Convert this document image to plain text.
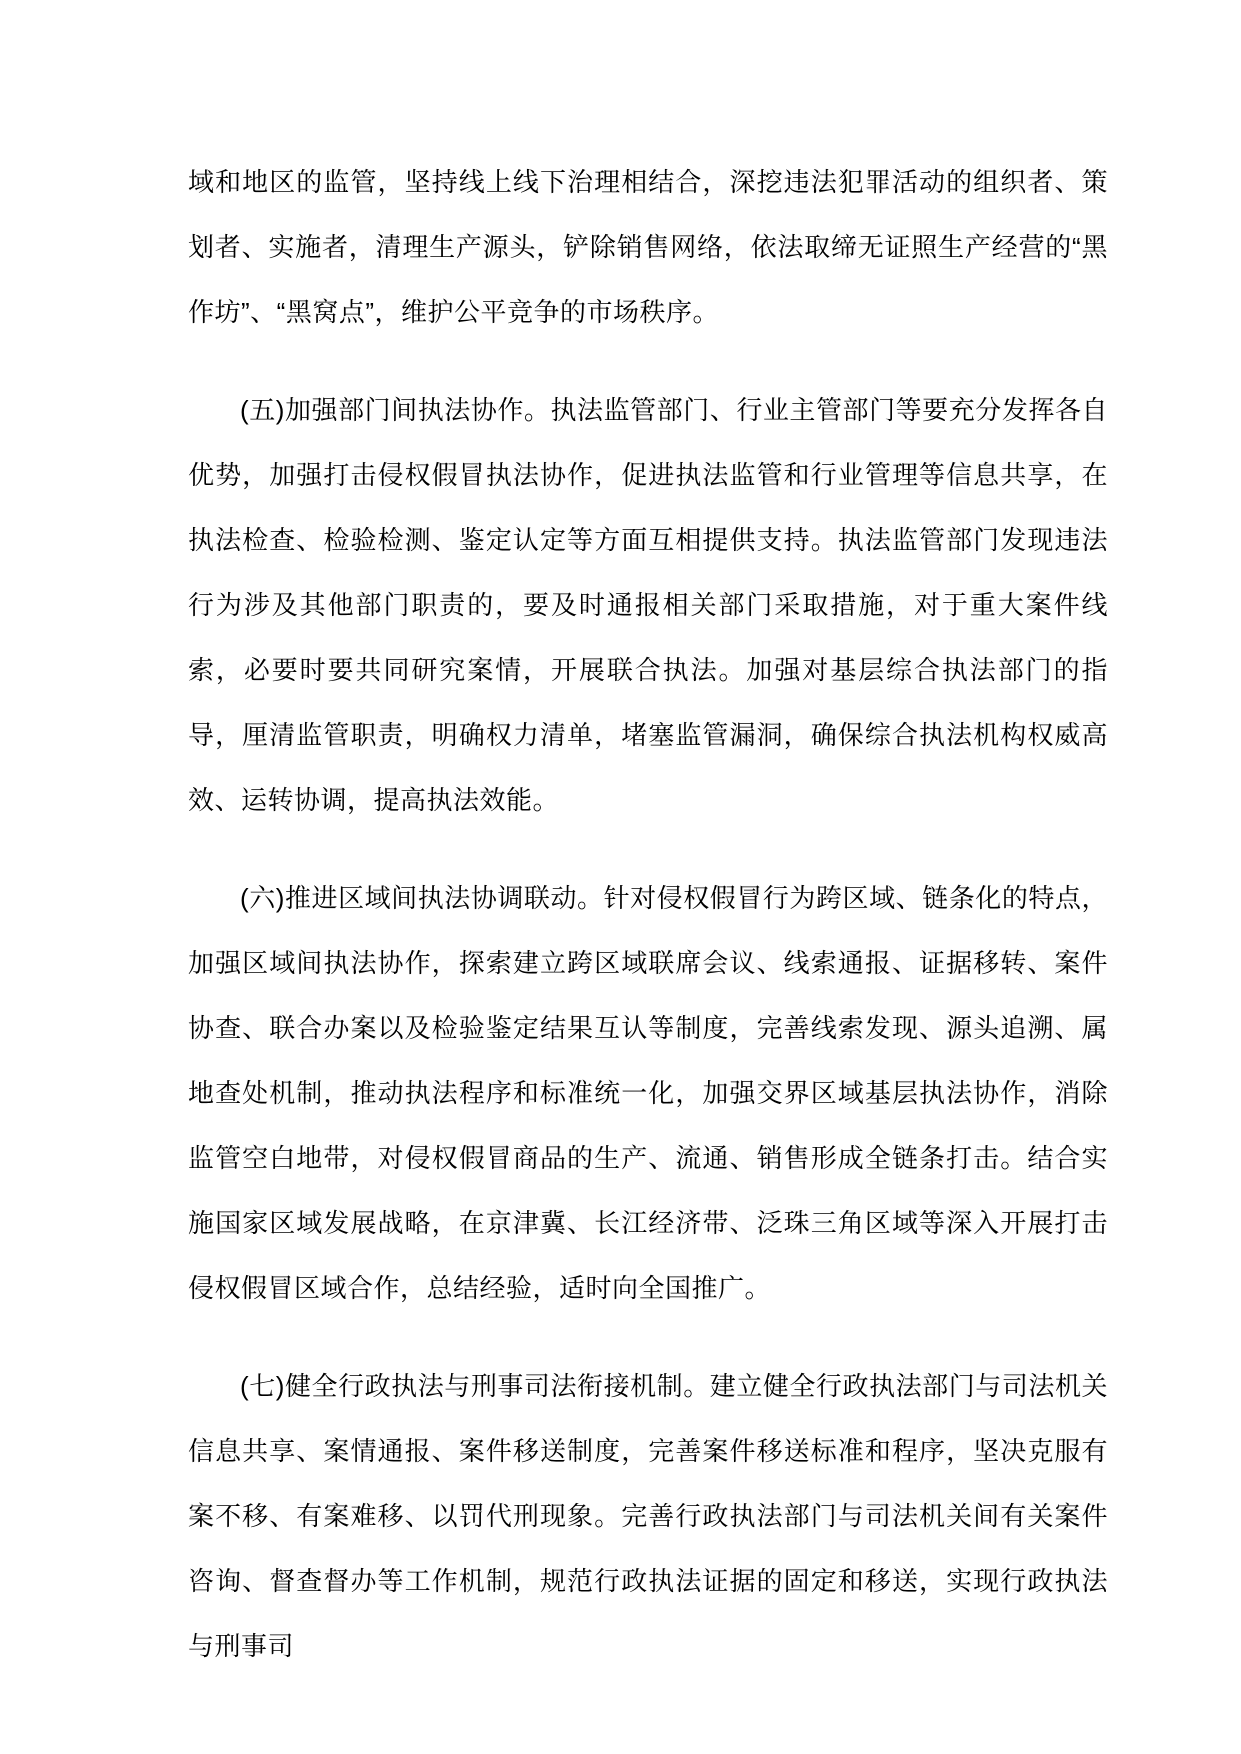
域和地区的监管，坚持线上线下治理相结合，深挖违法犯罪活动的组织者、策划者、实施者，清理生产源头，铲除销售网络，依法取缔无证照生产经营的“黑作坊”、“黑窝点”，维护公平竞争的市场秩序。

(五)加强部门间执法协作。执法监管部门、行业主管部门等要充分发挥各自优势，加强打击侵权假冒执法协作，促进执法监管和行业管理等信息共享，在执法检查、检验检测、鉴定认定等方面互相提供支持。执法监管部门发现违法行为涉及其他部门职责的，要及时通报相关部门采取措施，对于重大案件线索，必要时要共同研究案情，开展联合执法。加强对基层综合执法部门的指导，厘清监管职责，明确权力清单，堵塞监管漏洞，确保综合执法机构权威高效、运转协调，提高执法效能。

(六)推进区域间执法协调联动。针对侵权假冒行为跨区域、链条化的特点，加强区域间执法协作，探索建立跨区域联席会议、线索通报、证据移转、案件协查、联合办案以及检验鉴定结果互认等制度，完善线索发现、源头追溯、属地查处机制，推动执法程序和标准统一化，加强交界区域基层执法协作，消除监管空白地带，对侵权假冒商品的生产、流通、销售形成全链条打击。结合实施国家区域发展战略，在京津冀、长江经济带、泛珠三角区域等深入开展打击侵权假冒区域合作，总结经验，适时向全国推广。

(七)健全行政执法与刑事司法衔接机制。建立健全行政执法部门与司法机关信息共享、案情通报、案件移送制度，完善案件移送标准和程序，坚决克服有案不移、有案难移、以罚代刑现象。完善行政执法部门与司法机关间有关案件咨询、督查督办等工作机制，规范行政执法证据的固定和移送，实现行政执法与刑事司
